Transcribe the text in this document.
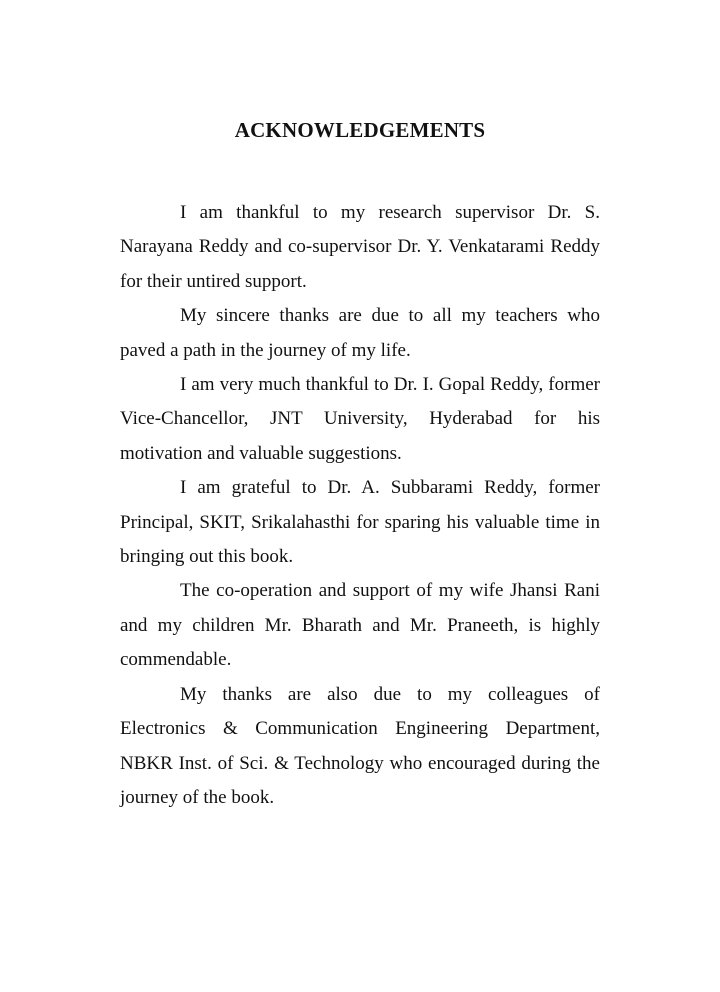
ACKNOWLEDGEMENTS

I am thankful to my research supervisor Dr. S. Narayana Reddy and co-supervisor Dr. Y. Venkatarami Reddy for their untired support.

My sincere thanks are due to all my teachers who paved a path in the journey of my life.

I am very much thankful to Dr. I. Gopal Reddy, former Vice-Chancellor, JNT University, Hyderabad for his motivation and valuable suggestions.

I am grateful to Dr. A. Subbarami Reddy, former Principal, SKIT, Srikalahasthi for sparing his valuable time in bringing out this book.

The co-operation and support of my wife Jhansi Rani and my children Mr. Bharath and Mr. Praneeth, is highly commendable.

My thanks are also due to my colleagues of Electronics & Communication Engineering Department, NBKR Inst. of Sci. & Technology who encouraged during the journey of the book.
